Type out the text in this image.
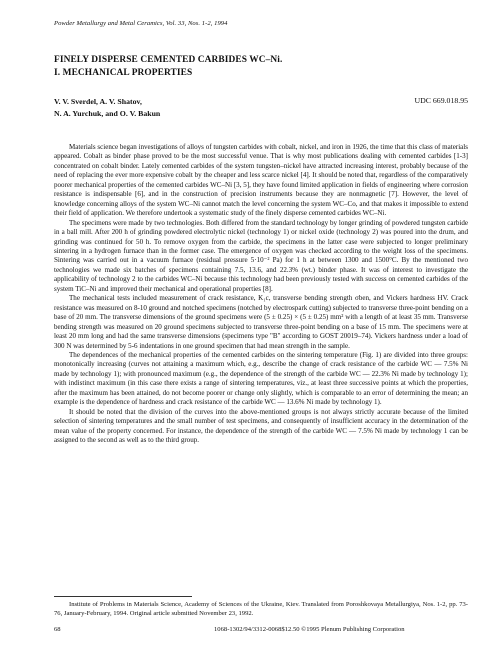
Powder Metallurgy and Metal Ceramics, Vol. 33, Nos. 1-2, 1994
FINELY DISPERSE CEMENTED CARBIDES WC–Ni.
I. MECHANICAL PROPERTIES
V. V. Sverdel, A. V. Shatov,
N. A. Yurchuk, and O. V. Bakun
UDC 669.018.95

Materials science began investigations of alloys of tungsten carbides with cobalt, nickel, and iron in 1926, the time that this class of materials appeared. Cobalt as binder phase proved to be the most successful venue. That is why most publications dealing with cemented carbides [1-3] concentrated on cobalt binder. Lately cemented carbides of the system tungsten–nickel have attracted increasing interest, probably because of the need of replacing the ever more expensive cobalt by the cheaper and less scarce nickel [4]. It should be noted that, regardless of the comparatively poorer mechanical properties of the cemented carbides WC–Ni [3, 5], they have found limited application in fields of engineering where corrosion resistance is indispensable [6], and in the construction of precision instruments because they are nonmagnetic [7]. However, the level of knowledge concerning alloys of the system WC–Ni cannot match the level concerning the system WC–Co, and that makes it impossible to extend their field of application. We therefore undertook a systematic study of the finely disperse cemented carbides WC–Ni.

The specimens were made by two technologies. Both differed from the standard technology by longer grinding of powdered tungsten carbide in a ball mill. After 200 h of grinding powdered electrolytic nickel (technology 1) or nickel oxide (technology 2) was poured into the drum, and grinding was continued for 50 h. To remove oxygen from the carbide, the specimens in the latter case were subjected to longer preliminary sintering in a hydrogen furnace than in the former case. The emergence of oxygen was checked according to the weight loss of the specimens. Sintering was carried out in a vacuum furnace (residual pressure 5·10⁻² Pa) for 1 h at between 1300 and 1500°C. By the mentioned two technologies we made six batches of specimens containing 7.5, 13.6, and 22.3% (wt.) binder phase. It was of interest to investigate the applicability of technology 2 to the carbides WC–Ni because this technology had been previously tested with success on cemented carbides of the system TiC–Ni and improved their mechanical and operational properties [8].

The mechanical tests included measurement of crack resistance, K₁c, transverse bending strength σben, and Vickers hardness HV. Crack resistance was measured on 8-10 ground and notched specimens (notched by electrospark cutting) subjected to transverse three-point bending on a base of 20 mm. The transverse dimensions of the ground specimens were (5 ± 0.25) × (5 ± 0.25) mm² with a length of at least 35 mm. Transverse bending strength was measured on 20 ground specimens subjected to transverse three-point bending on a base of 15 mm. The specimens were at least 20 mm long and had the same transverse dimensions (specimens type "B" according to GOST 20019–74). Vickers hardness under a load of 300 N was determined by 5-6 indentations in one ground specimen that had mean strength in the sample.

The dependences of the mechanical properties of the cemented carbides on the sintering temperature (Fig. 1) are divided into three groups: monotonically increasing (curves not attaining a maximum which, e.g., describe the change of crack resistance of the carbide WC — 7.5% Ni made by technology 1); with pronounced maximum (e.g., the dependence of the strength of the carbide WC — 22.3% Ni made by technology 1); with indistinct maximum (in this case there exists a range of sintering temperatures, viz., at least three successive points at which the properties, after the maximum has been attained, do not become poorer or change only slightly, which is comparable to an error of determining the mean; an example is the dependence of hardness and crack resistance of the carbide WC — 13.6% Ni made by technology 1).

It should be noted that the division of the curves into the above-mentioned groups is not always strictly accurate because of the limited selection of sintering temperatures and the small number of test specimens, and consequently of insufficient accuracy in the determination of the mean value of the property concerned. For instance, the dependence of the strength of the carbide WC — 7.5% Ni made by technology 1 can be assigned to the second as well as to the third group.

Institute of Problems in Materials Science, Academy of Sciences of the Ukraine, Kiev. Translated from Poroshkovaya Metallurgiya, Nos. 1-2, pp. 73-76, January-February, 1994. Original article submitted November 23, 1992.
68	1068-1302/94/3312-0068$12.50 ©1995 Plenum Publishing Corporation
